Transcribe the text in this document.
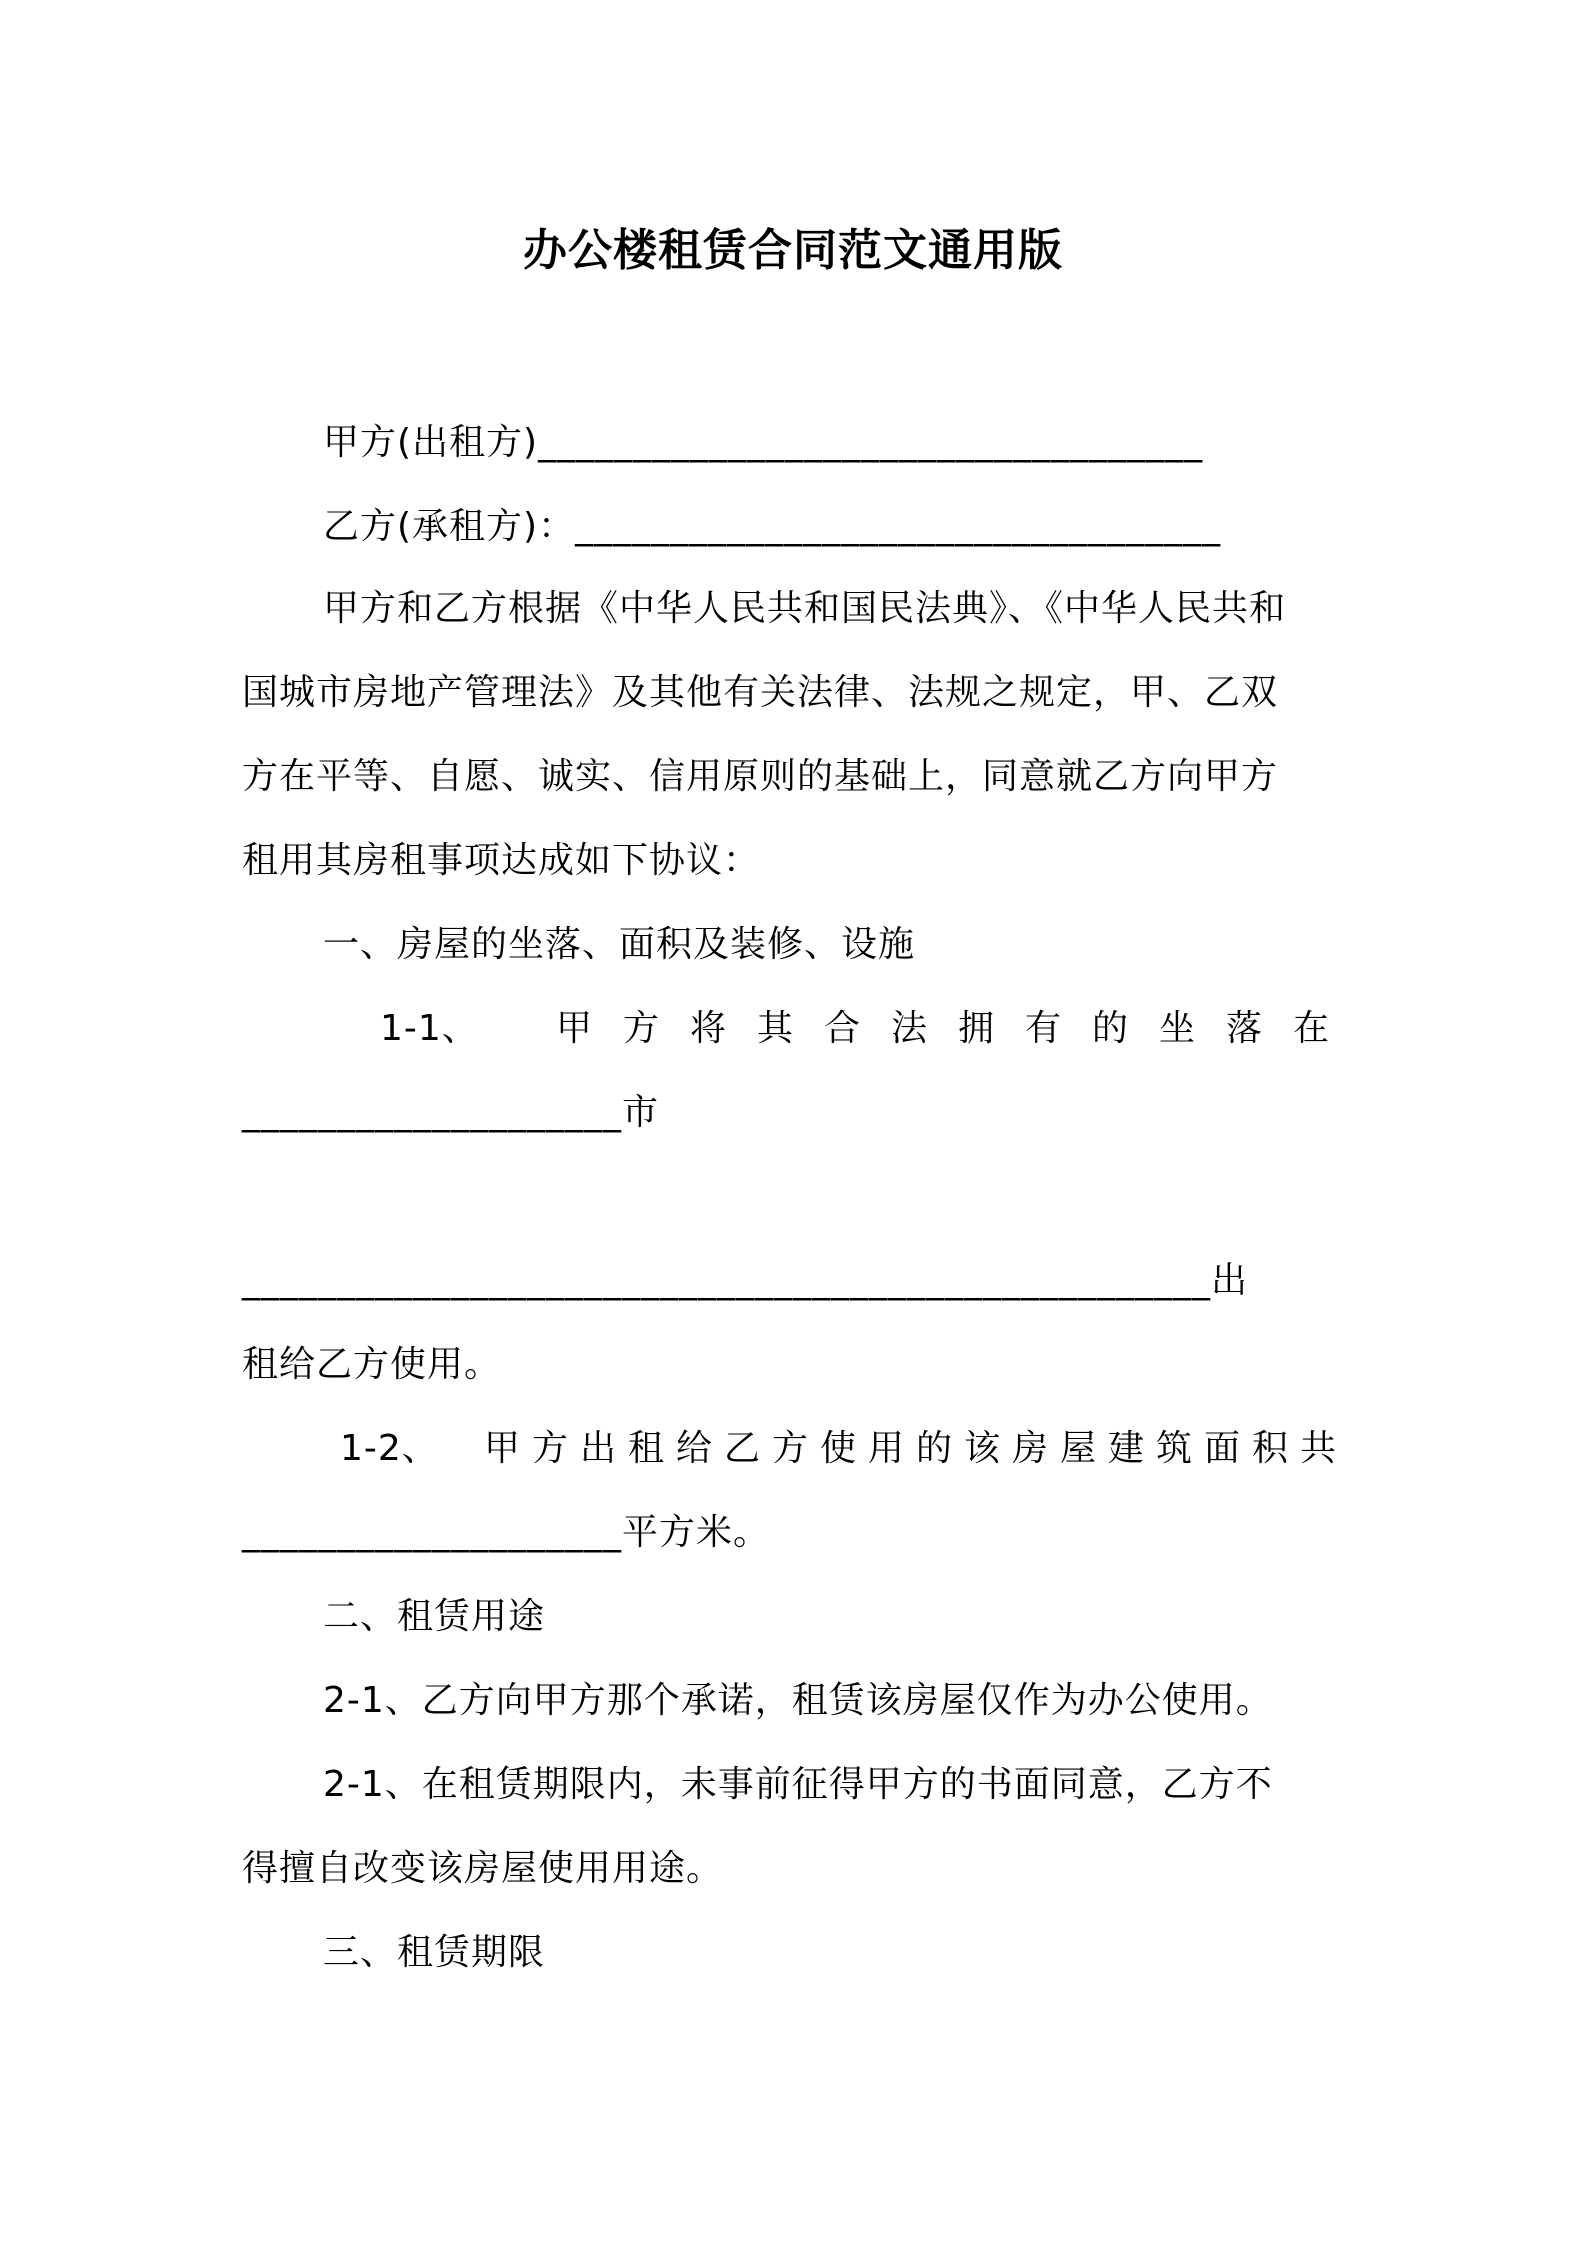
办公楼租赁合同范文通用版
甲方(出租方)___________________________________
乙方(承租方)：__________________________________
甲方和乙方根据《中华人民共和国民法典》、《中华人民共和
国城市房地产管理法》及其他有关法律、法规之规定，甲、乙双
方在平等、自愿、诚实、信用原则的基础上，同意就乙方向甲方
租用其房租事项达成如下协议：
一、房屋的坐落、面积及装修、设施
1-1、 甲方将其合法拥有的坐落在
____________________市
___________________________________________________出
租给乙方使用。
1-2、 甲方出租给乙方使用的该房屋建筑面积共
____________________平方米。
二、租赁用途
2-1、乙方向甲方那个承诺，租赁该房屋仅作为办公使用。
2-1、在租赁期限内，未事前征得甲方的书面同意，乙方不
得擅自改变该房屋使用用途。
三、租赁期限
